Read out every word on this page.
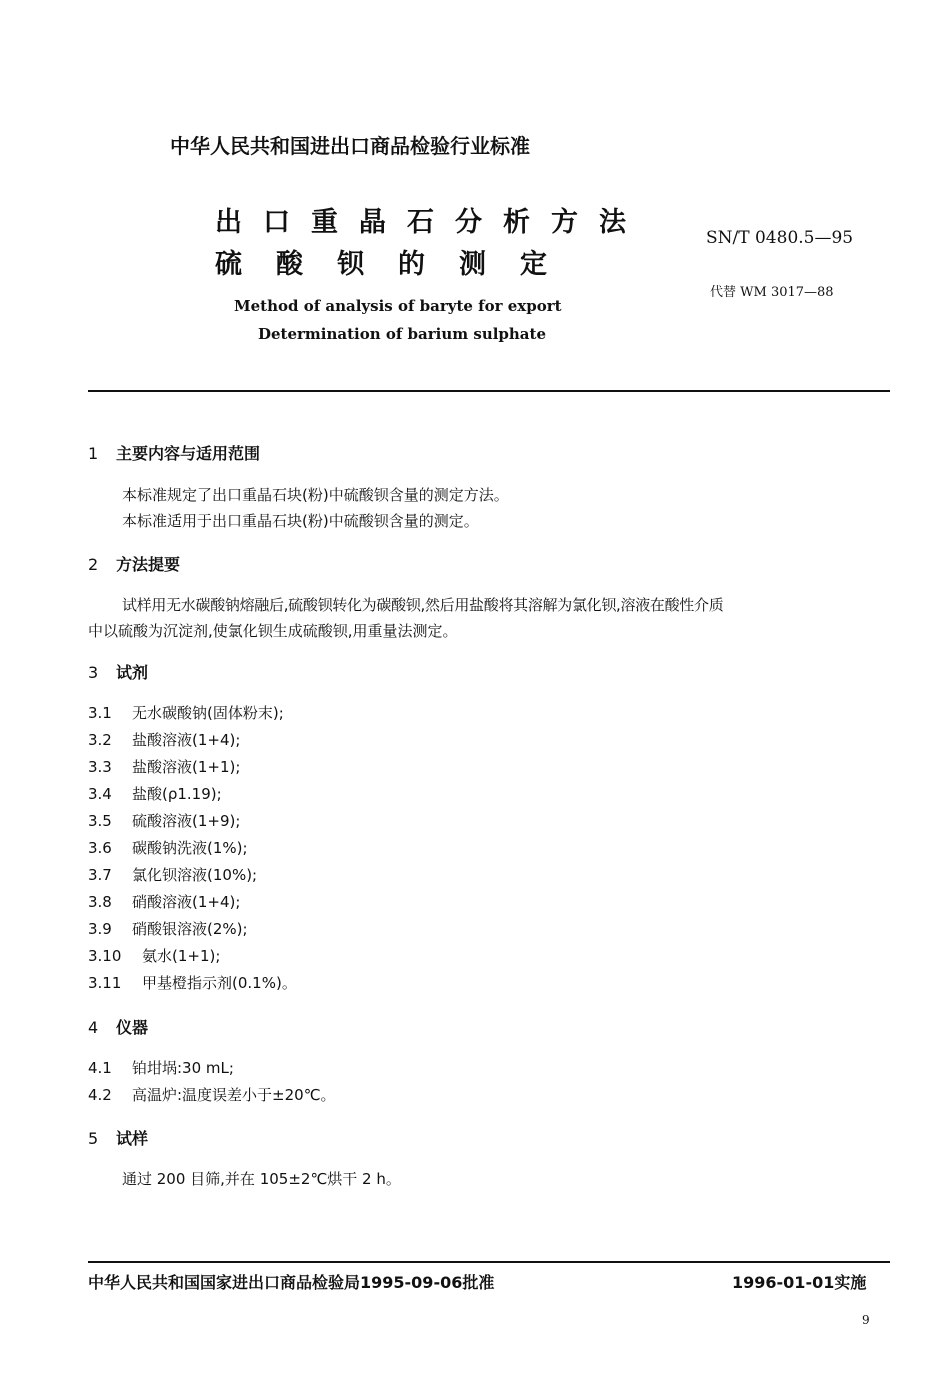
中华人民共和国进出口商品检验行业标准
出口重晶石分析方法
硫酸钡的测定
Method of analysis of baryte for export
Determination of barium sulphate
SN/T 0480.5—95
代替 WM 3017—88
1 主要内容与适用范围
本标准规定了出口重晶石块(粉)中硫酸钡含量的测定方法。
本标准适用于出口重晶石块(粉)中硫酸钡含量的测定。
2 方法提要
试样用无水碳酸钠熔融后,硫酸钡转化为碳酸钡,然后用盐酸将其溶解为氯化钡,溶液在酸性介质
中以硫酸为沉淀剂,使氯化钡生成硫酸钡,用重量法测定。
3 试剂
3.1 无水碳酸钠(固体粉末);
3.2 盐酸溶液(1+4);
3.3 盐酸溶液(1+1);
3.4 盐酸(ρ1.19);
3.5 硫酸溶液(1+9);
3.6 碳酸钠洗液(1%);
3.7 氯化钡溶液(10%);
3.8 硝酸溶液(1+4);
3.9 硝酸银溶液(2%);
3.10 氨水(1+1);
3.11 甲基橙指示剂(0.1%)。
4 仪器
4.1 铂坩埚:30 mL;
4.2 高温炉:温度误差小于±20℃。
5 试样
通过 200 目筛,并在 105±2℃烘干 2 h。
中华人民共和国国家进出口商品检验局1995-09-06批准	1996-01-01实施
9
